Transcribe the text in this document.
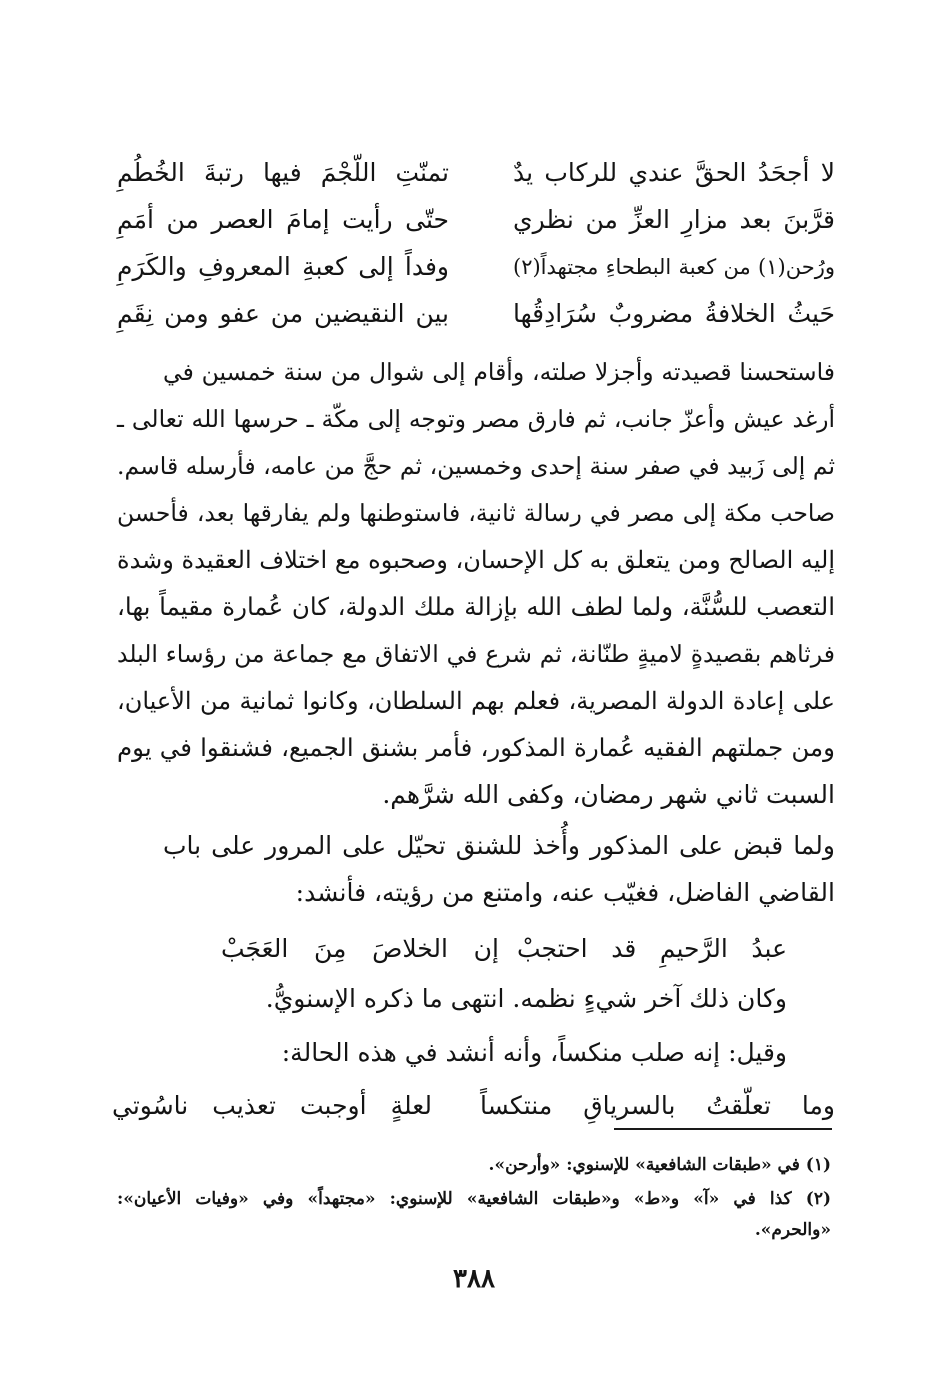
لا أجحَدُ الحقَّ عندي للركاب يدٌ
تمنّتِ اللّجْمَ فيها رتبةَ الخُطُمِ
قرَّبنَ بعد مزارِ العزِّ من نظري
حتّى رأيت إمامَ العصر من أمَمِ
ورُحن(١) من كعبة البطحاءِ مجتهداً(٢)
وفداً إلى كعبةِ المعروفِ والكَرَمِ
حَيثُ الخلافةُ مضروبٌ سُرَادِقُها
بين النقيضين من عفو ومن نِقَمِ
فاستحسنا قصيدته وأجزلا صلته، وأقام إلى شوال من سنة خمسين في
أرغد عيش وأعزّ جانب، ثم فارق مصر وتوجه إلى مكّة ـ حرسها الله تعالى ـ
ثم إلى زَبيد في صفر سنة إحدى وخمسين، ثم حجَّ من عامه، فأرسله قاسم.
صاحب مكة إلى مصر في رسالة ثانية، فاستوطنها ولم يفارقها بعد، فأحسن
إليه الصالح ومن يتعلق به كل الإحسان، وصحبوه مع اختلاف العقيدة وشدة
التعصب للسُّنَّة، ولما لطف الله بإزالة ملك الدولة، كان عُمارة مقيماً بها،
فرثاهم بقصيدةٍ لاميةٍ طنّانة، ثم شرع في الاتفاق مع جماعة من رؤساء البلد
على إعادة الدولة المصرية، فعلم بهم السلطان، وكانوا ثمانية من الأعيان،
ومن جملتهم الفقيه عُمارة المذكور، فأمر بشنق الجميع، فشنقوا في يوم
السبت ثاني شهر رمضان، وكفى الله شرَّهم.
ولما قبض على المذكور وأُخذ للشنق تحيّل على المرور على باب
القاضي الفاضل، فغيّب عنه، وامتنع من رؤيته، فأنشد:
عبدُ الرَّحيمِ قد احتجبْ
إن الخلاصَ مِنَ العَجَبْ
وكان ذلك آخر شيءٍ نظمه. انتهى ما ذكره الإسنويُّ.
وقيل: إنه صلب منكساً، وأنه أنشد في هذه الحالة:
وما تعلّقتُ بالسرياقِ منتكساً
لعلةٍ أوجبت تعذيب ناسُوتي
(١) في «طبقات الشافعية» للإسنوي: «وأرحن».
(٢) كذا في «آ» و«ط» و«طبقات الشافعية» للإسنوي: «مجتهداً» وفي «وفيات الأعيان»:
«والحرم».
٣٨٨
